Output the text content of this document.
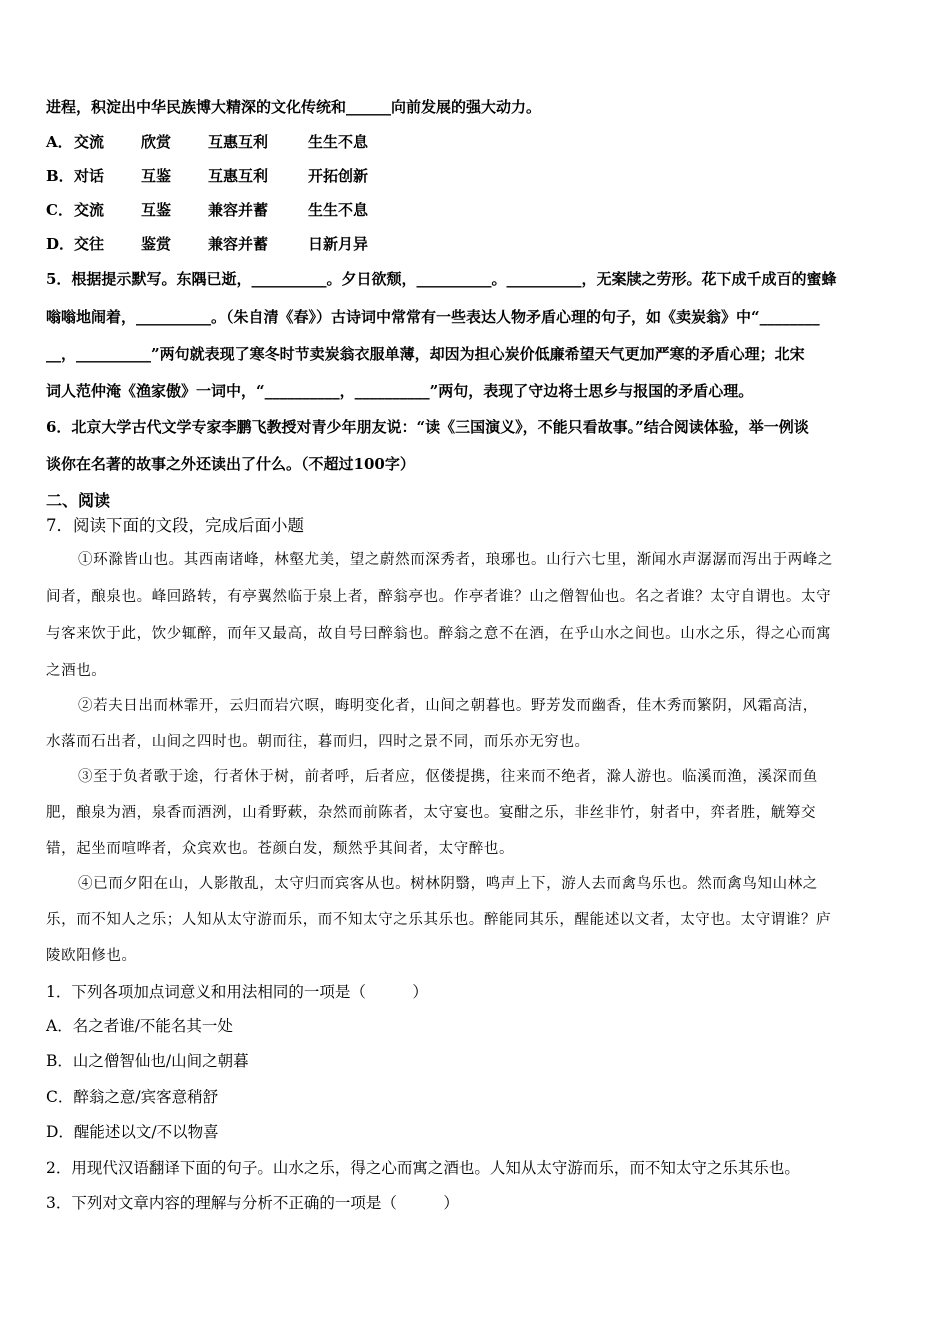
进程，积淀出中华民族博大精深的文化传统和______向前发展的强大动力。

A．交流 欣赏 互惠互利	生生不息

B．对话 互鉴 互惠互利	开拓创新

C．交流 互鉴 兼容并蓄	生生不息

D．交往 鉴赏 兼容并蓄	日新月异

5．根据提示默写。东隅已逝，__________。夕日欲颓，__________。__________，无案牍之劳形。花下成千成百的蜜蜂

嗡嗡地闹着，__________。（朱自清《春》）古诗词中常常有一些表达人物矛盾心理的句子，如《卖炭翁》中“________

__，__________”两句就表现了寒冬时节卖炭翁衣服单薄，却因为担心炭价低廉希望天气更加严寒的矛盾心理；北宋

词人范仲淹《渔家傲》一词中，“__________，__________”两句，表现了守边将士思乡与报国的矛盾心理。

6．北京大学古代文学专家李鹏飞教授对青少年朋友说：“读《三国演义》，不能只看故事。”结合阅读体验，举一例谈

谈你在名著的故事之外还读出了什么。（不超过100字）

二、阅读

7．阅读下面的文段，完成后面小题

①环滁皆山也。其西南诸峰，林壑尤美，望之蔚然而深秀者，琅琊也。山行六七里，渐闻水声潺潺而泻出于两峰之

间者，酿泉也。峰回路转，有亭翼然临于泉上者，醉翁亭也。作亭者谁？山之僧智仙也。名之者谁？太守自谓也。太守

与客来饮于此，饮少辄醉，而年又最高，故自号曰醉翁也。醉翁之意不在酒，在乎山水之间也。山水之乐，得之心而寓

之酒也。

②若夫日出而林霏开，云归而岩穴暝，晦明变化者，山间之朝暮也。野芳发而幽香，佳木秀而繁阴，风霜高洁，

水落而石出者，山间之四时也。朝而往，暮而归，四时之景不同，而乐亦无穷也。

③至于负者歌于途，行者休于树，前者呼，后者应，伛偻提携，往来而不绝者，滁人游也。临溪而渔，溪深而鱼

肥，酿泉为酒，泉香而酒洌，山肴野蔌，杂然而前陈者，太守宴也。宴酣之乐，非丝非竹，射者中，弈者胜，觥筹交

错，起坐而喧哗者，众宾欢也。苍颜白发，颓然乎其间者，太守醉也。

④已而夕阳在山，人影散乱，太守归而宾客从也。树林阴翳，鸣声上下，游人去而禽鸟乐也。然而禽鸟知山林之

乐，而不知人之乐；人知从太守游而乐，而不知太守之乐其乐也。醉能同其乐，醒能述以文者，太守也。太守谓谁？庐

陵欧阳修也。

1．下列各项加点词意义和用法相同的一项是（　　　）

A．名之者谁/不能名其一处

B．山之僧智仙也/山间之朝暮

C．醉翁之意/宾客意稍舒

D．醒能述以文/不以物喜

2．用现代汉语翻译下面的句子。山水之乐，得之心而寓之酒也。人知从太守游而乐，而不知太守之乐其乐也。

3．下列对文章内容的理解与分析不正确的一项是（　　　）
